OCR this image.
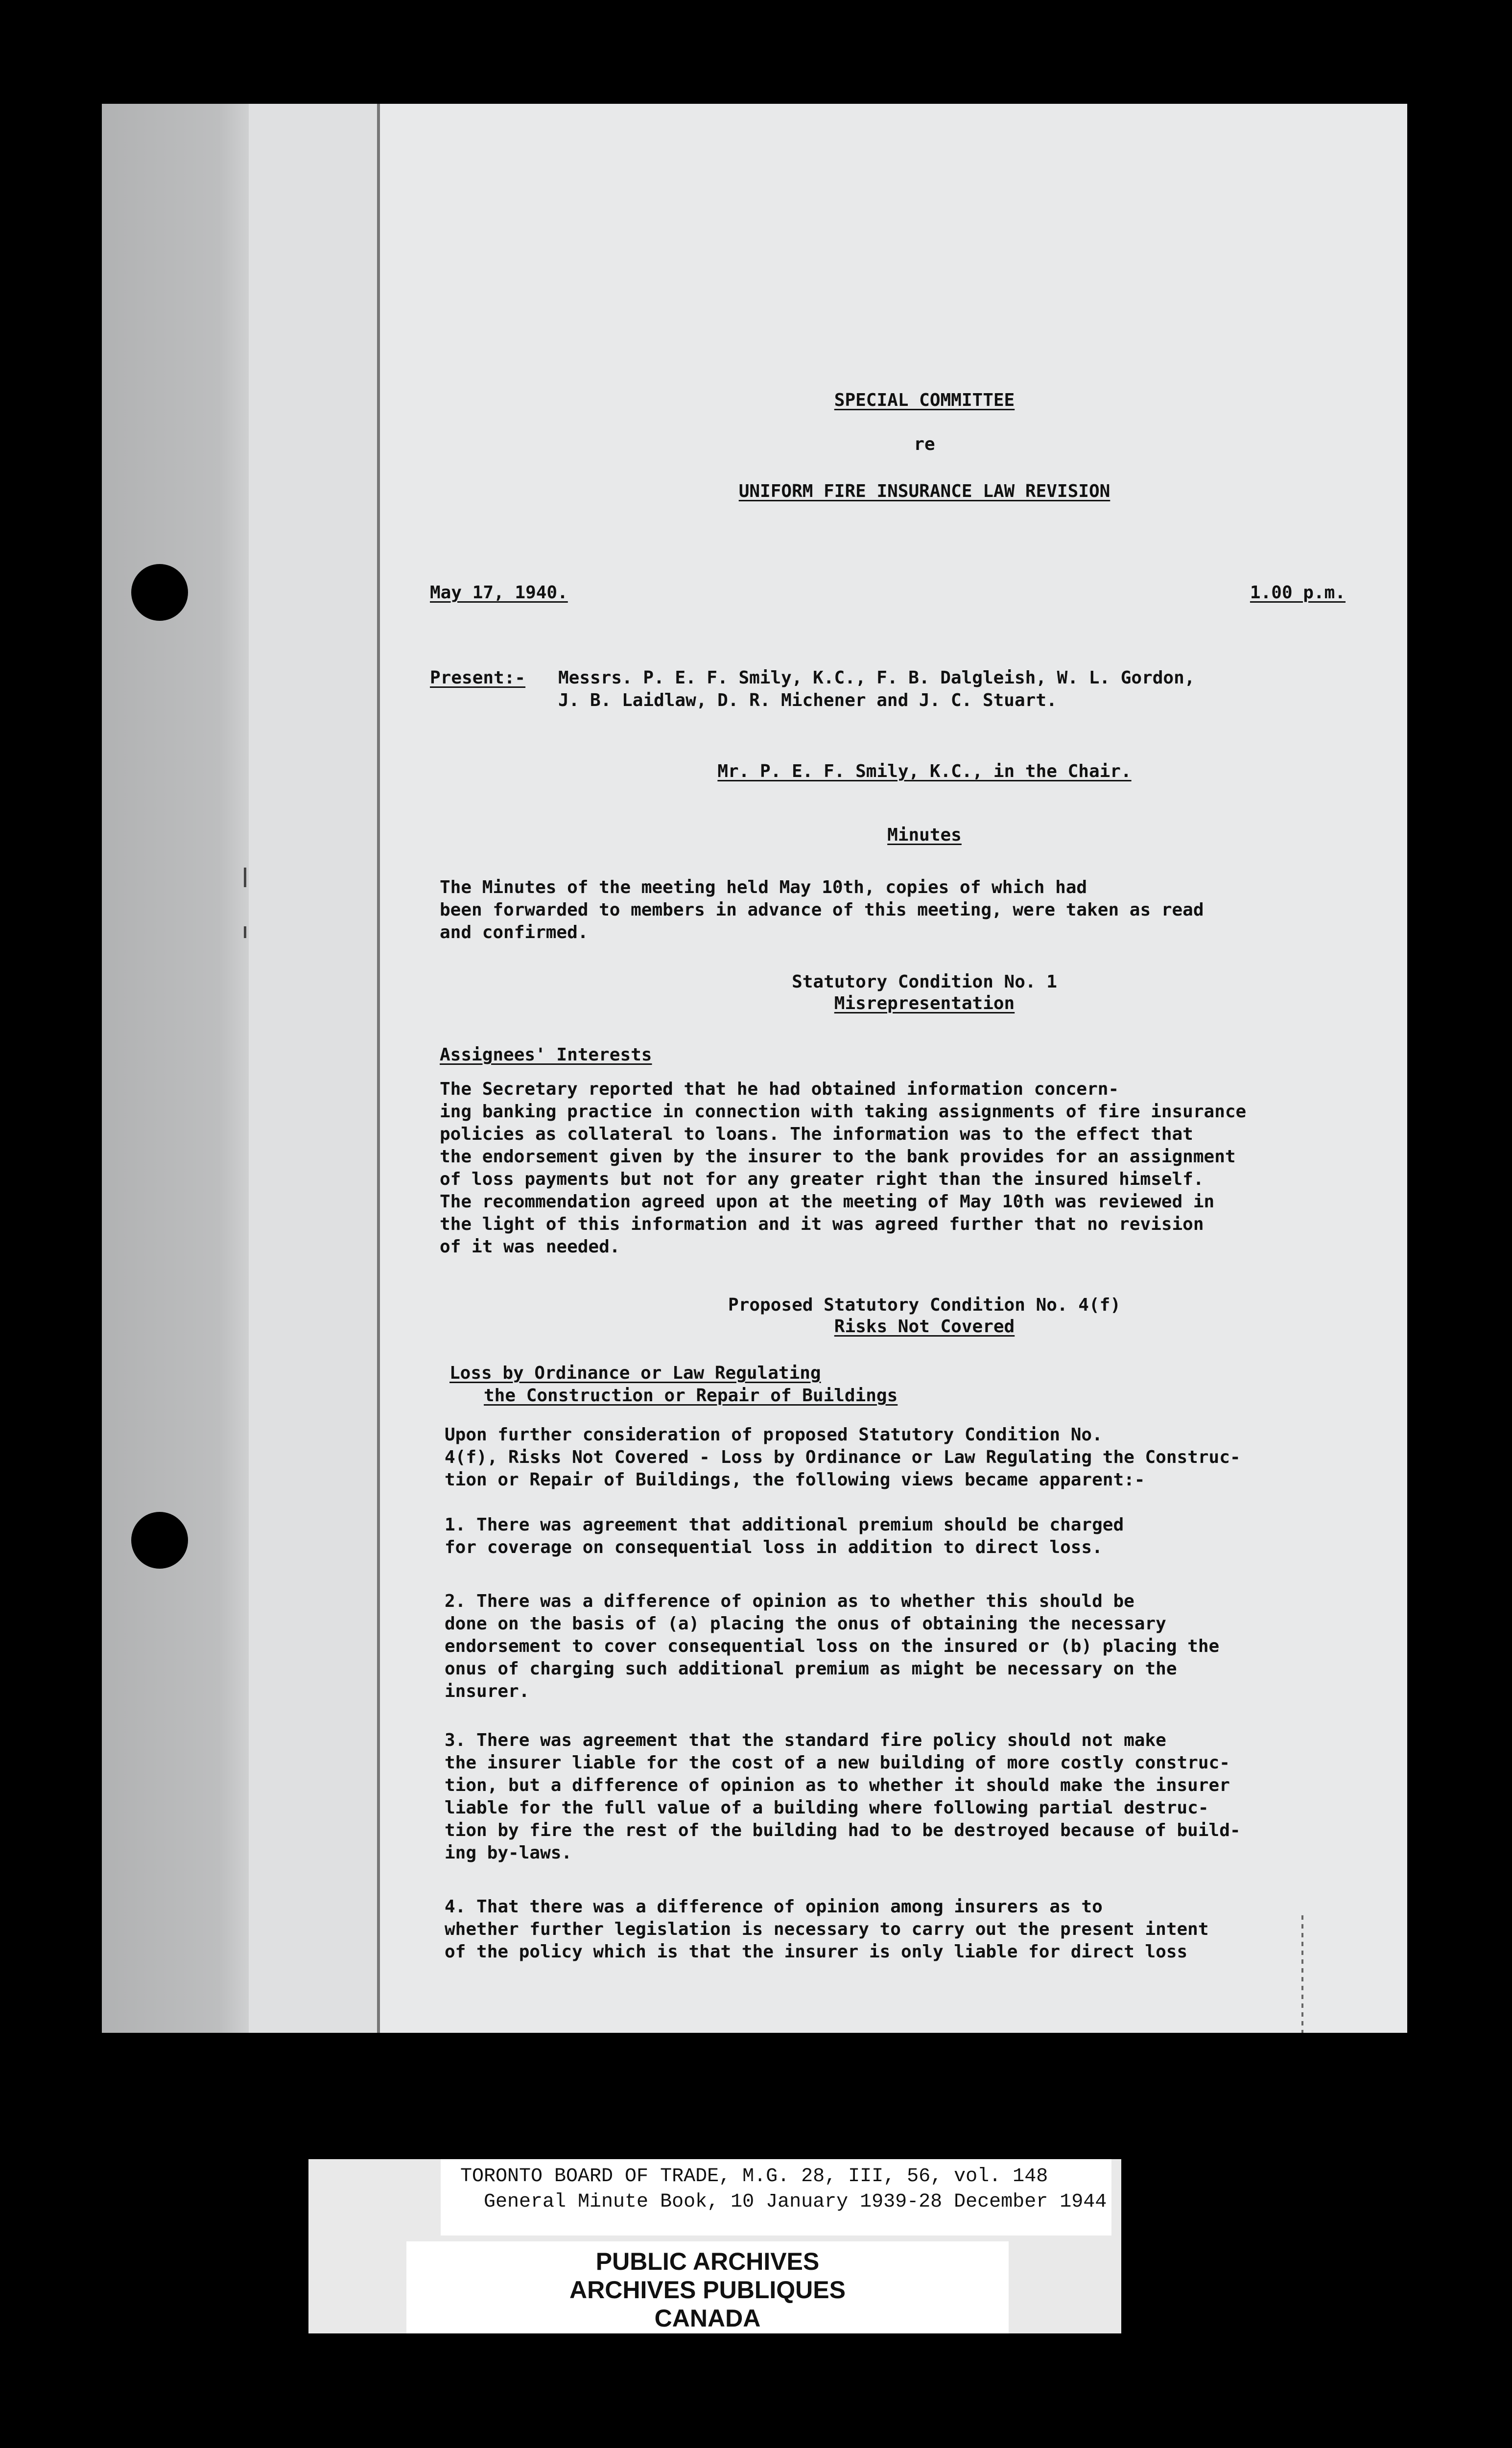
SPECIAL COMMITTEE
re
UNIFORM FIRE INSURANCE LAW REVISION
May 17, 1940.	1.00 p.m.
Present:- Messrs. P. E. F. Smily, K.C., F. B. Dalgleish, W. L. Gordon,
J. B. Laidlaw, D. R. Michener and J. C. Stuart.
Mr. P. E. F. Smily, K.C., in the Chair.
Minutes
The Minutes of the meeting held May 10th, copies of which had
been forwarded to members in advance of this meeting, were taken as read
and confirmed.
Statutory Condition No. 1
Misrepresentation
Assignees' Interests
The Secretary reported that he had obtained information concern-
ing banking practice in connection with taking assignments of fire insurance
policies as collateral to loans. The information was to the effect that
the endorsement given by the insurer to the bank provides for an assignment
of loss payments but not for any greater right than the insured himself.
The recommendation agreed upon at the meeting of May 10th was reviewed in
the light of this information and it was agreed further that no revision
of it was needed.
Proposed Statutory Condition No. 4(f)
Risks Not Covered
Loss by Ordinance or Law Regulating
the Construction or Repair of Buildings
Upon further consideration of proposed Statutory Condition No.
4(f), Risks Not Covered - Loss by Ordinance or Law Regulating the Construc-
tion or Repair of Buildings, the following views became apparent:-
1. There was agreement that additional premium should be charged
for coverage on consequential loss in addition to direct loss.
2. There was a difference of opinion as to whether this should be
done on the basis of (a) placing the onus of obtaining the necessary
endorsement to cover consequential loss on the insured or (b) placing the
onus of charging such additional premium as might be necessary on the
insurer.
3. There was agreement that the standard fire policy should not make
the insurer liable for the cost of a new building of more costly construc-
tion, but a difference of opinion as to whether it should make the insurer
liable for the full value of a building where following partial destruc-
tion by fire the rest of the building had to be destroyed because of build-
ing by-laws.
4. That there was a difference of opinion among insurers as to
whether further legislation is necessary to carry out the present intent
of the policy which is that the insurer is only liable for direct loss
TORONTO BOARD OF TRADE, M.G. 28, III, 56, vol. 148
General Minute Book, 10 January 1939-28 December 1944
PUBLIC ARCHIVES
ARCHIVES PUBLIQUES
CANADA
